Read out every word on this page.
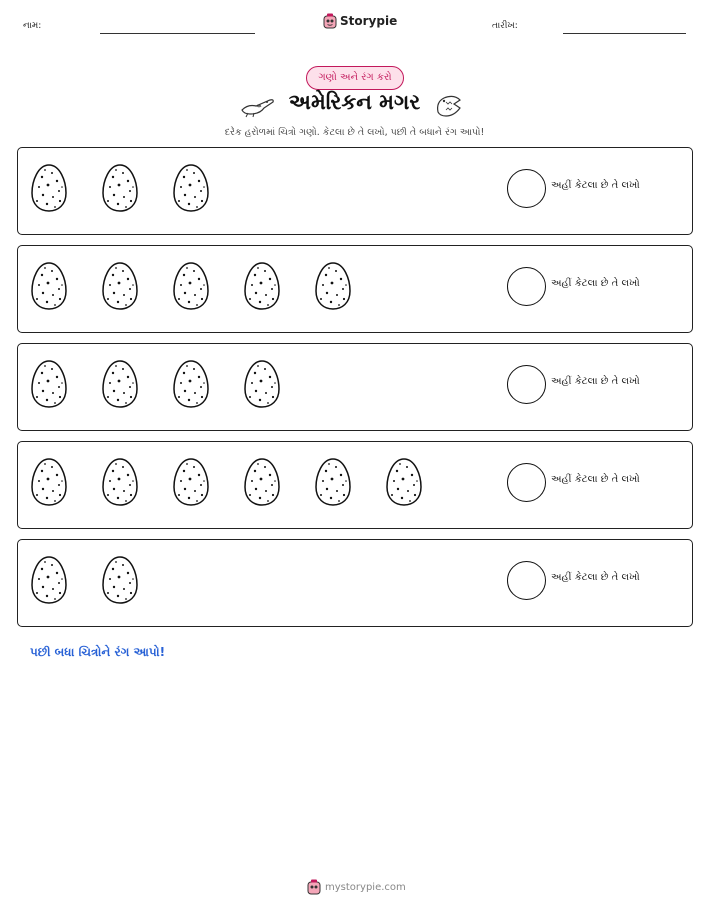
નામ:	Storypie	તારીખ:
ગણો અને રંગ કરો
અમેરિકન મગર
દરેક હરોળમાં ચિત્રો ગણો. કેટલા છે તે લખો, પછી તે બધાને રંગ આપો!
અહીં કેટલા છે તે લખો
અહીં કેટલા છે તે લખો
અહીં કેટલા છે તે લખો
અહીં કેટલા છે તે લખો
અહીં કેટલા છે તે લખો
પછી બધા ચિત્રોને રંગ આપો!
mystorypie.com
